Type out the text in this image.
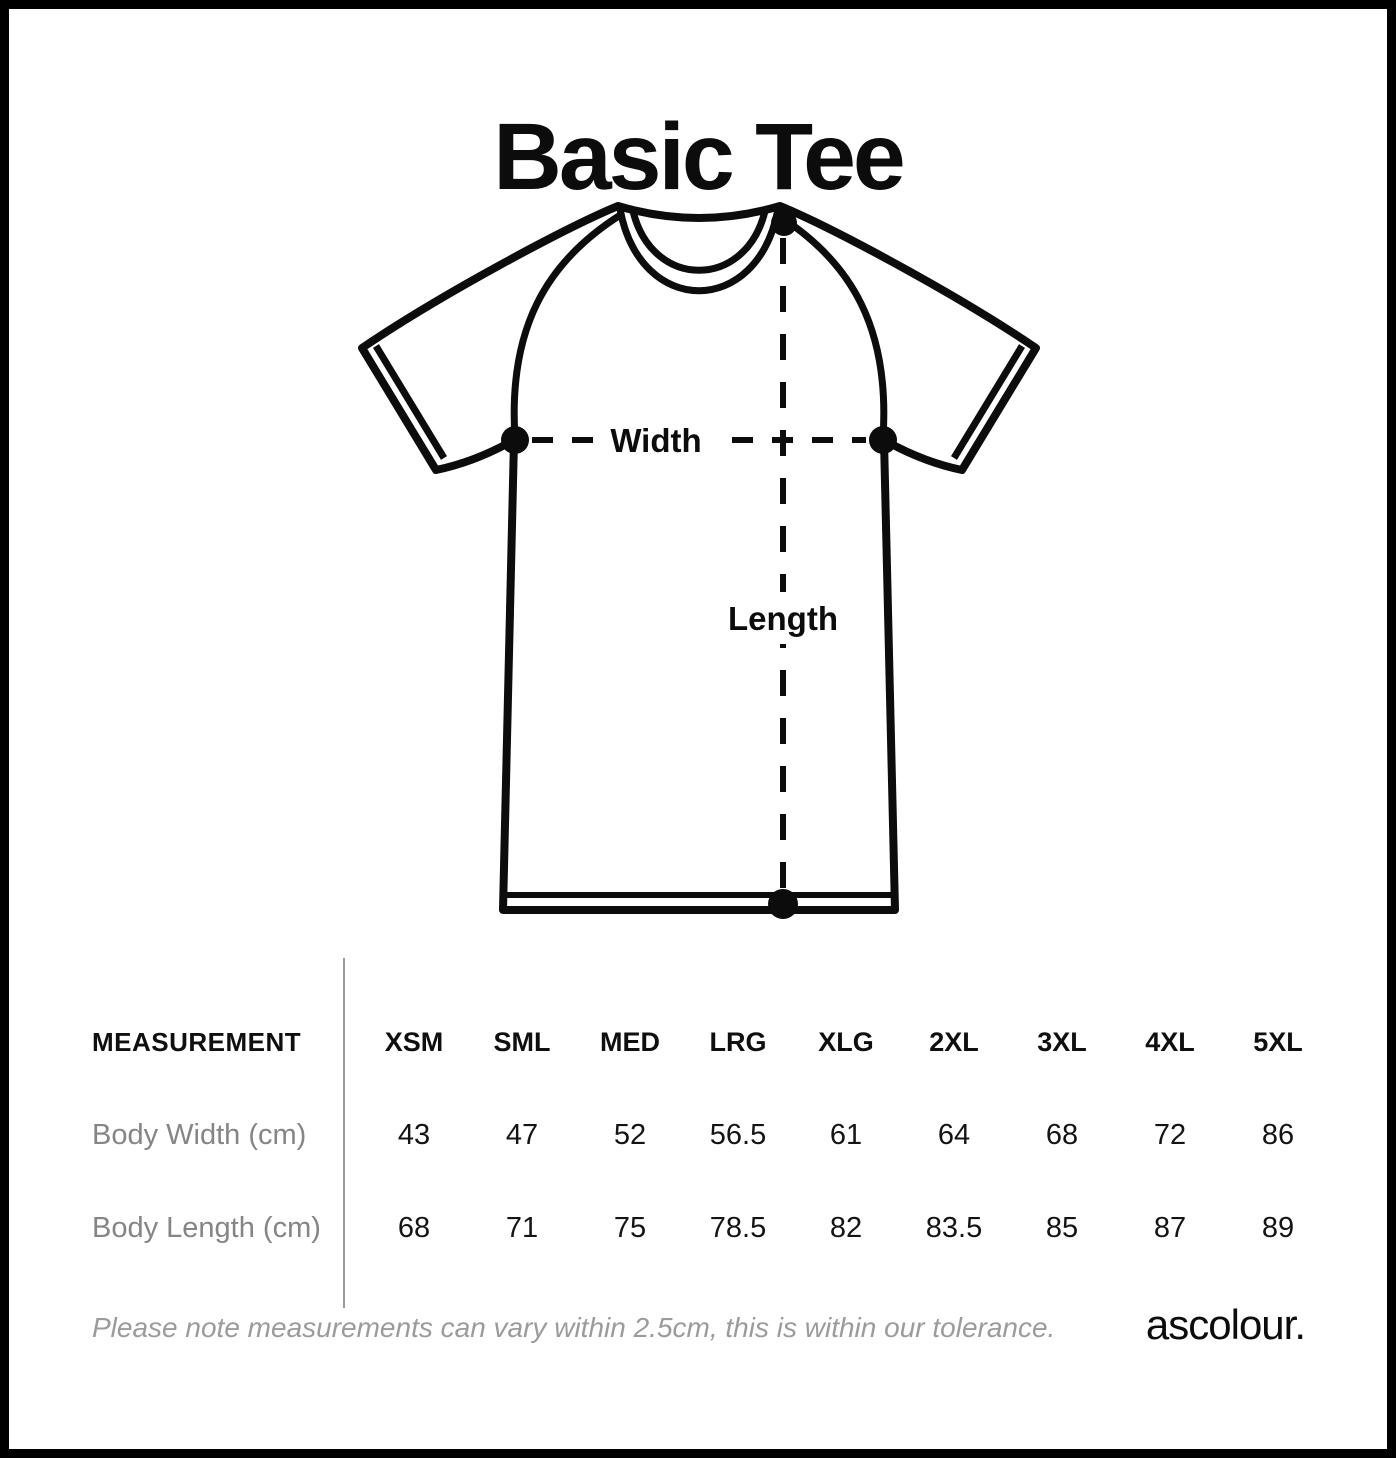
Basic Tee
Width
Length
MEASUREMENT	XSM	SML	MED	LRG	XLG	2XL	3XL	4XL	5XL
Body Width (cm)	43	47	52	56.5	61	64	68	72	86
Body Length (cm)	68	71	75	78.5	82	83.5	85	87	89
Please note measurements can vary within 2.5cm, this is within our tolerance. ascolour.
